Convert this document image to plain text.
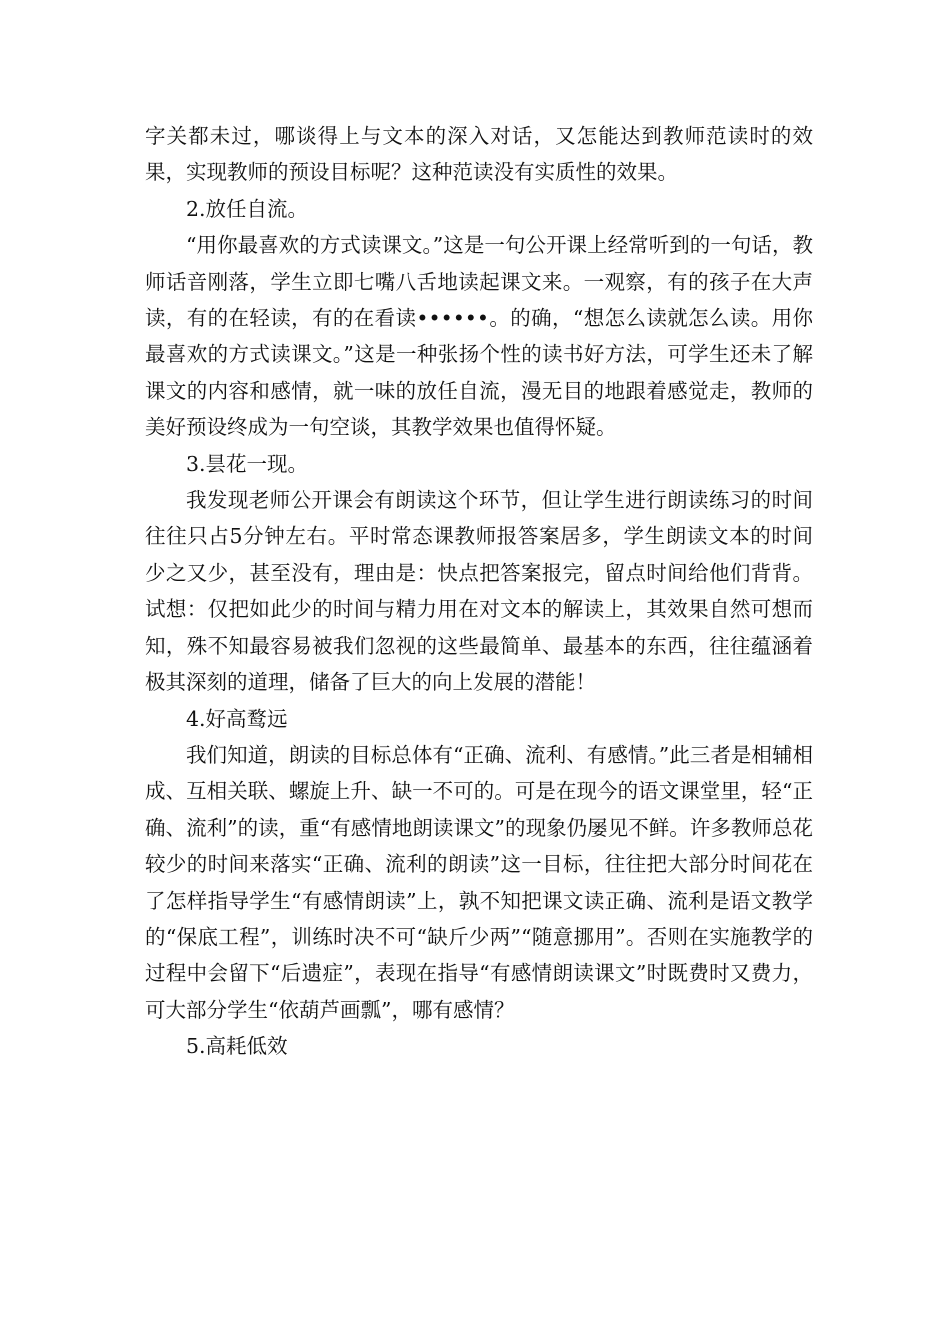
字关都未过，哪谈得上与文本的深入对话，又怎能达到教师范读时的效果，实现教师的预设目标呢？这种范读没有实质性的效果。

2.放任自流。

“用你最喜欢的方式读课文。”这是一句公开课上经常听到的一句话，教师话音刚落，学生立即七嘴八舌地读起课文来。一观察，有的孩子在大声读，有的在轻读，有的在看读••••••。的确，“想怎么读就怎么读。用你最喜欢的方式读课文。”这是一种张扬个性的读书好方法，可学生还未了解课文的内容和感情，就一味的放任自流，漫无目的地跟着感觉走，教师的美好预设终成为一句空谈，其教学效果也值得怀疑。

3.昙花一现。

我发现老师公开课会有朗读这个环节，但让学生进行朗读练习的时间往往只占5分钟左右。平时常态课教师报答案居多，学生朗读文本的时间少之又少，甚至没有，理由是：快点把答案报完，留点时间给他们背背。试想：仅把如此少的时间与精力用在对文本的解读上，其效果自然可想而知，殊不知最容易被我们忽视的这些最简单、最基本的东西，往往蕴涵着极其深刻的道理，储备了巨大的向上发展的潜能！

4.好高鹜远

我们知道，朗读的目标总体有“正确、流利、有感情。”此三者是相辅相成、互相关联、螺旋上升、缺一不可的。可是在现今的语文课堂里，轻“正确、流利”的读，重“有感情地朗读课文”的现象仍屡见不鲜。许多教师总花较少的时间来落实“正确、流利的朗读”这一目标，往往把大部分时间花在了怎样指导学生“有感情朗读”上，孰不知把课文读正确、流利是语文教学的“保底工程”，训练时决不可“缺斤少两”“随意挪用”。否则在实施教学的过程中会留下“后遗症”，表现在指导“有感情朗读课文”时既费时又费力，可大部分学生“依葫芦画瓢”，哪有感情？

5.高耗低效
